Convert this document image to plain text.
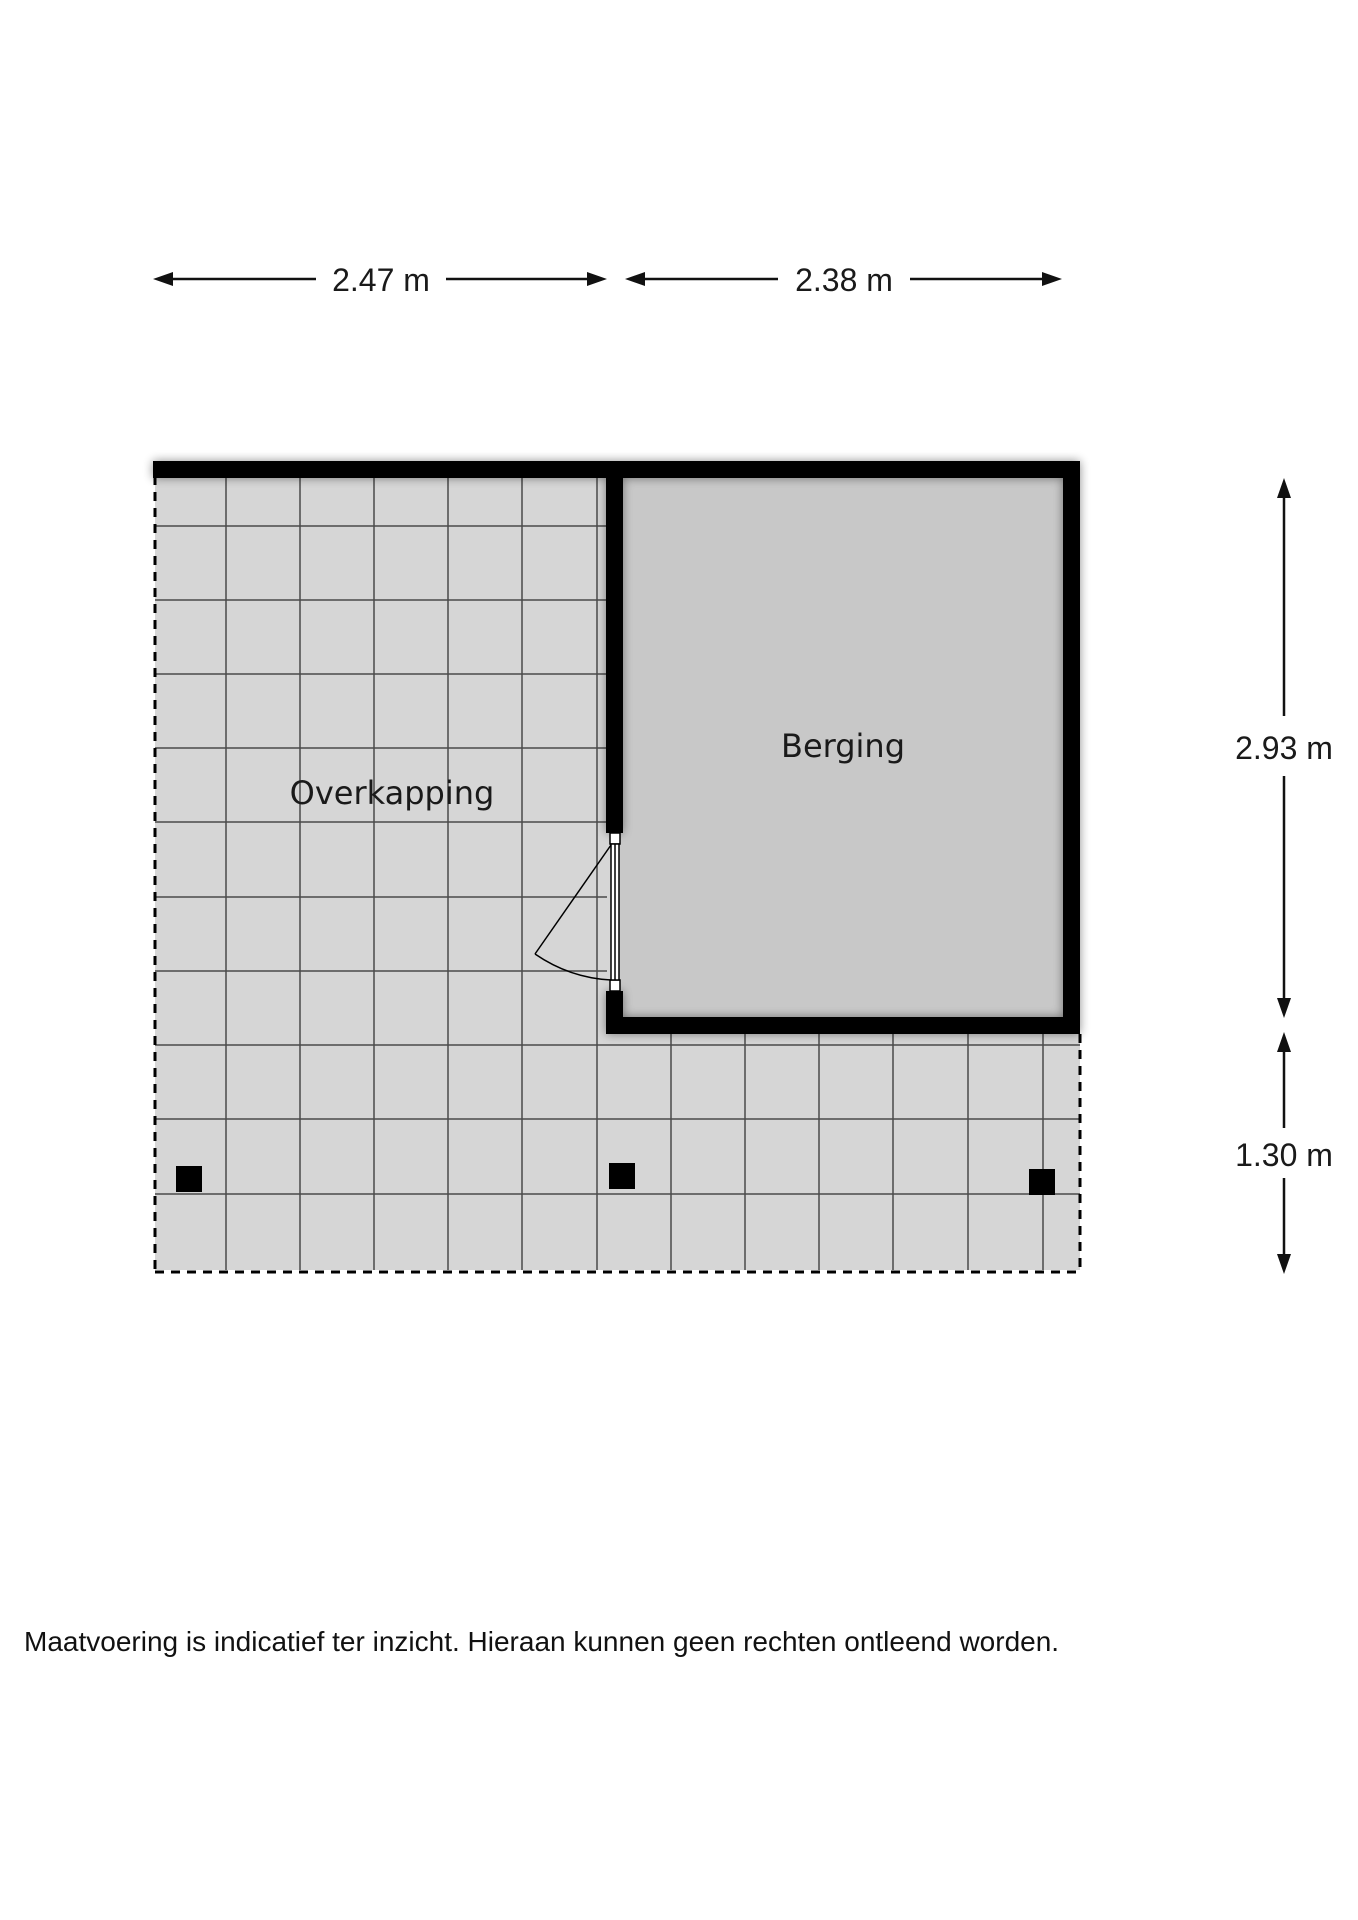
Overkapping
Berging
2.47 m	2.38 m
2.93 m
1.30 m
Maatvoering is indicatief ter inzicht. Hieraan kunnen geen rechten ontleend worden.
